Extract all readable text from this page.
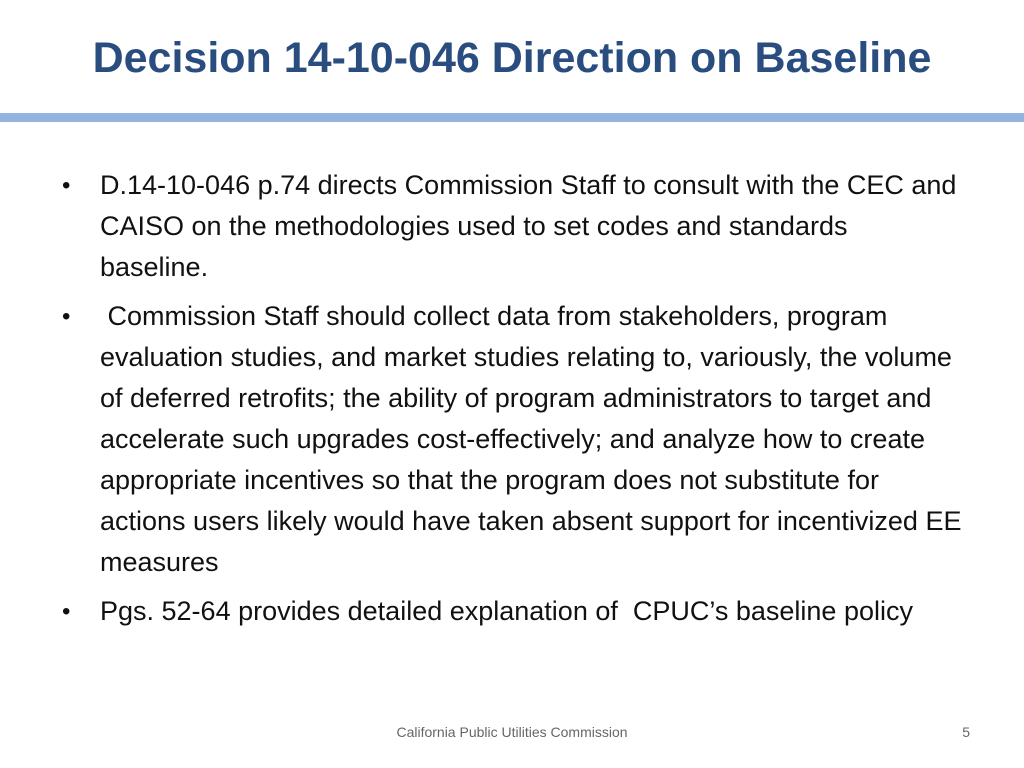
Decision 14-10-046 Direction on Baseline
•	D.14-10-046 p.74 directs Commission Staff to consult with the CEC and CAISO on the methodologies used to set codes and standards baseline.
•	Commission Staff should collect data from stakeholders, program evaluation studies, and market studies relating to, variously, the volume of deferred retrofits; the ability of program administrators to target and accelerate such upgrades cost-effectively; and analyze how to create appropriate incentives so that the program does not substitute for actions users likely would have taken absent support for incentivized EE measures
•	Pgs. 52-64 provides detailed explanation of  CPUC’s baseline policy
California Public Utilities Commission	5
